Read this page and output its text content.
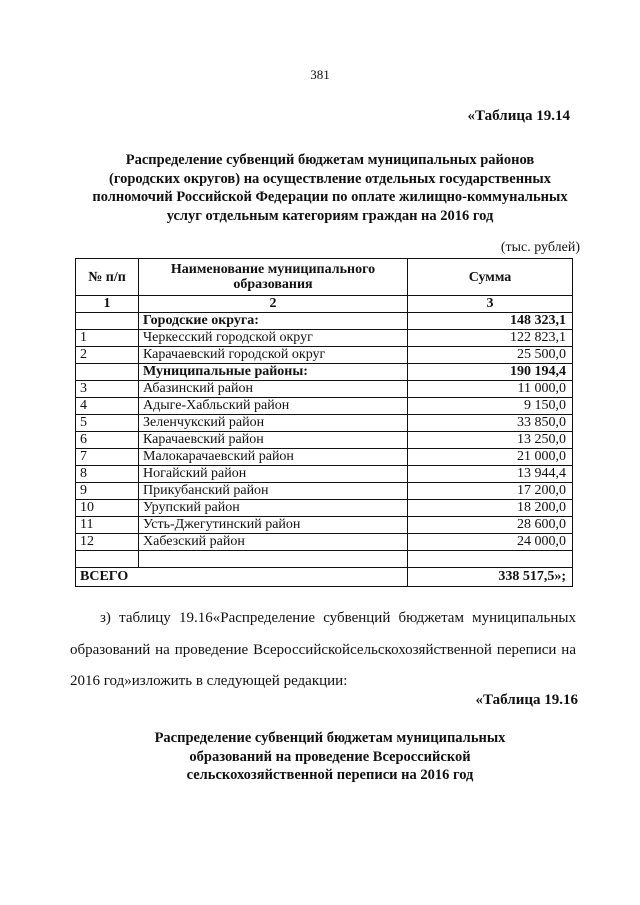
381
«Таблица 19.14
Распределение субвенций бюджетам муниципальных районов
(городских округов) на осуществление отдельных государственных
полномочий Российской Федерации по оплате жилищно-коммунальных
услуг отдельным категориям граждан на 2016 год
(тыс. рублей)
№ п/п	Наименование муниципального образования	Сумма
1	2	3
	Городские округа:	148 323,1
1	Черкесский городской округ	122 823,1
2	Карачаевский городской округ	25 500,0
	Муниципальные районы:	190 194,4
3	Абазинский район	11 000,0
4	Адыге-Хабльский район	9 150,0
5	Зеленчукский район	33 850,0
6	Карачаевский район	13 250,0
7	Малокарачаевский район	21 000,0
8	Ногайский район	13 944,4
9	Прикубанский район	17 200,0
10	Урупский район	18 200,0
11	Усть-Джегутинский район	28 600,0
12	Хабезский район	24 000,0

ВСЕГО		338 517,5»;

з) таблицу 19.16«Распределение субвенций бюджетам муниципальных образований на проведение Всероссийскойсельскохозяйственной переписи на 2016 год»изложить в следующей редакции:

«Таблица 19.16
Распределение субвенций бюджетам муниципальных
образований на проведение Всероссийской
сельскохозяйственной переписи на 2016 год
